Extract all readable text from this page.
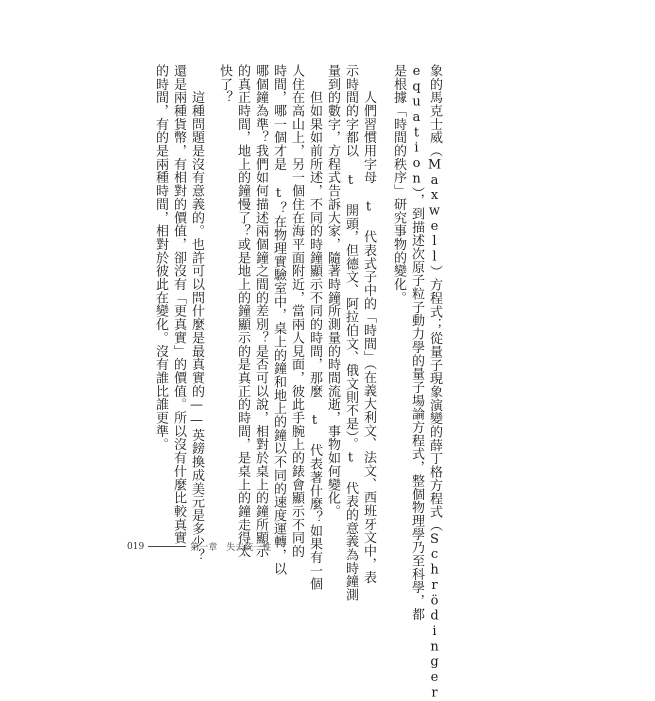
象的馬克士威（Maxwell）方程式；從量子現象演變的薛丁格方程式（Schrödinger
equation），到描述次原子粒子動力學的量子場論方程式，整個物理學乃至科學，都
是根據「時間的秩序」研究事物的變化。
　　人們習慣用字母 t 代表式子中的「時間」（在義大利文、法文、西班牙文中，表
示時間的字都以 t 開頭，但德文、阿拉伯文、俄文則不是）。t 代表的意義為時鐘測
量到的數字，方程式告訴大家，隨著時鐘所測量的時間流逝，事物如何變化。
　　但如果如前所述，不同的時鐘顯示不同的時間，那麼 t 代表著什麼？如果有一個
人住在高山上，另一個住在海平面附近，當兩人見面，彼此手腕上的錶會顯示不同的
時間，哪一個才是 t？在物理實驗室中，桌上的鐘和地上的鐘以不同的速度運轉，以
哪個鐘為準？我們如何描述兩個鐘之間的差別？是否可以說，相對於桌上的鐘所顯示
的真正時間，地上的鐘慢了？或是地上的鐘顯示的是真正的時間，是桌上的鐘走得太
快了？
　　這種問題是沒有意義的。也許可以問什麼是最真實的——英鎊換成美元是多少？
還是兩種貨幣，有相對的價值，卻沒有「更真實」的價值。所以沒有什麼比較真實
的時間，有的是兩種時間，相對於彼此在變化。沒有誰比誰更準。
019	第一章　失去統一性
